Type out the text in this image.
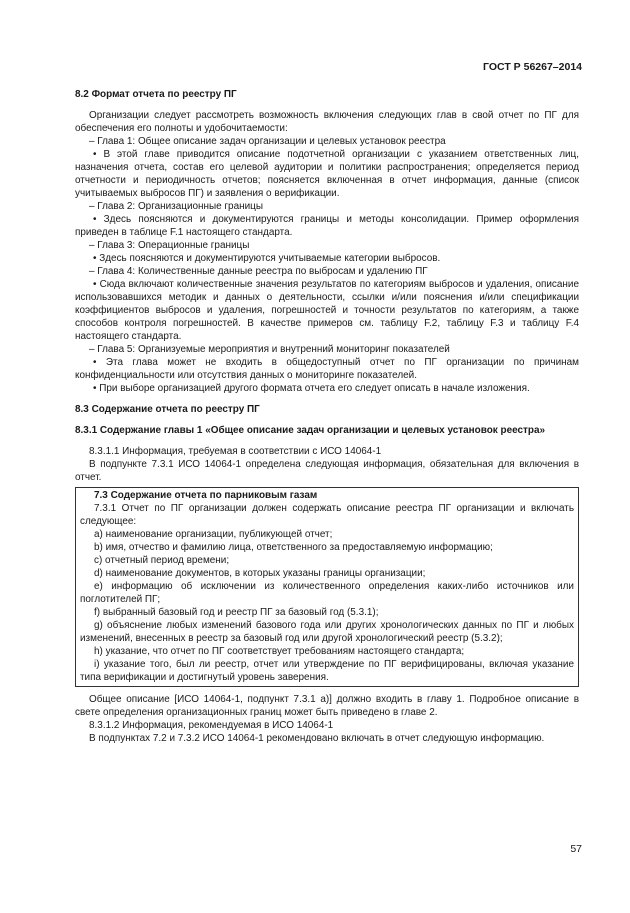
ГОСТ Р 56267–2014

8.2 Формат отчета по реестру ПГ

Организации следует рассмотреть возможность включения следующих глав в свой отчет по ПГ для обеспечения его полноты и удобочитаемости:

– Глава 1: Общее описание задач организации и целевых установок реестра

• В этой главе приводится описание подотчетной организации с указанием ответственных лиц, назначения отчета, состав его целевой аудитории и политики распространения; определяется период отчетности и периодичность отчетов; поясняется включенная в отчет информация, данные (список учитываемых выбросов ПГ) и заявления о верификации.

– Глава 2: Организационные границы

• Здесь поясняются и документируются границы и методы консолидации. Пример оформления приведен в таблице F.1 настоящего стандарта.

– Глава 3: Операционные границы

• Здесь поясняются и документируются учитываемые категории выбросов.

– Глава 4: Количественные данные реестра по выбросам и удалению ПГ

• Сюда включают количественные значения результатов по категориям выбросов и удаления, описание использовавшихся методик и данных о деятельности, ссылки и/или пояснения и/или спецификации коэффициентов выбросов и удаления, погрешностей и точности результатов по категориям, а также способов контроля погрешностей. В качестве примеров см. таблицу F.2, таблицу F.3 и таблицу F.4 настоящего стандарта.

– Глава 5: Организуемые мероприятия и внутренний мониторинг показателей

• Эта глава может не входить в общедоступный отчет по ПГ организации по причинам конфиденциальности или отсутствия данных о мониторинге показателей.

• При выборе организацией другого формата отчета его следует описать в начале изложения.

8.3 Содержание отчета по реестру ПГ

8.3.1 Содержание главы 1 «Общее описание задач организации и целевых установок реестра»

8.3.1.1 Информация, требуемая в соответствии с ИСО 14064-1

В подпункте 7.3.1 ИСО 14064-1 определена следующая информация, обязательная для включения в отчет.

7.3 Содержание отчета по парниковым газам

7.3.1 Отчет по ПГ организации должен содержать описание реестра ПГ организации и включать следующее:

а) наименование организации, публикующей отчет;

b) имя, отчество и фамилию лица, ответственного за предоставляемую информацию;

c) отчетный период времени;

d) наименование документов, в которых указаны границы организации;

е) информацию об исключении из количественного определения каких-либо источников или поглотителей ПГ;

f) выбранный базовый год и реестр ПГ за базовый год (5.3.1);

g) объяснение любых изменений базового года или других хронологических данных по ПГ и любых изменений, внесенных в реестр за базовый год или другой хронологический реестр (5.3.2);

h) указание, что отчет по ПГ соответствует требованиям настоящего стандарта;

i) указание того, был ли реестр, отчет или утверждение по ПГ верифицированы, включая указание типа верификации и достигнутый уровень заверения.

Общее описание [ИСО 14064-1, подпункт 7.3.1 а)] должно входить в главу 1. Подробное описание в свете определения организационных границ может быть приведено в главе 2.

8.3.1.2 Информация, рекомендуемая в ИСО 14064-1

В подпунктах 7.2 и 7.3.2 ИСО 14064-1 рекомендовано включать в отчет следующую информацию.

57
